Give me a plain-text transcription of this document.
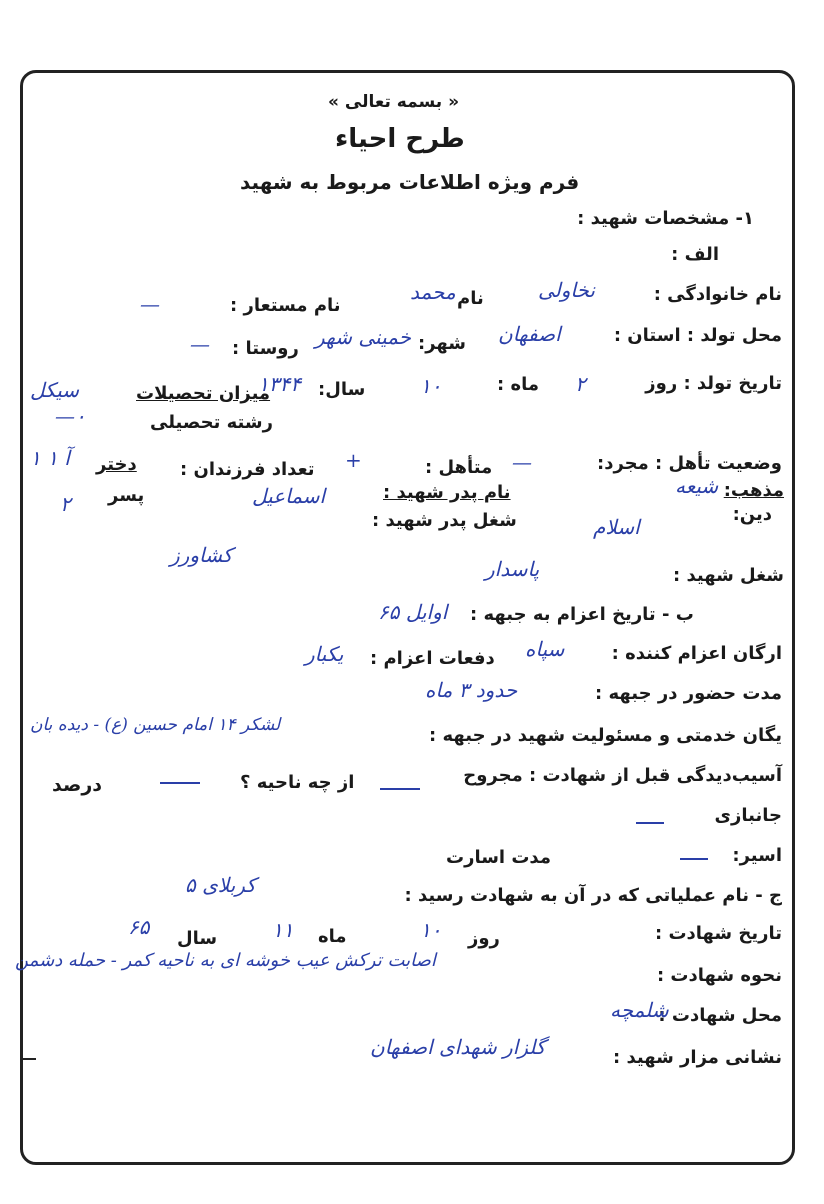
« بسمه تعالی »
طرح احیاء
فرم ویژه اطلاعات مربوط به شهید
۱- مشخصات شهید :
الف :
نام خانوادگی :
نخاولی
نام
محمد
نام مستعار :
—
محل تولد : استان :
اصفهان
شهر:
خمینی شهر
روستا :
—
تاریخ تولد : روز
۲
ماه :
۱۰
سال:
۱۳۴۴
میزان تحصیلات
سیکل
—۰	رشته تحصیلی
وضعیت تأهل : مجرد:
—
متأهل :
+
تعداد فرزندان :
دختر
آ ۱ ۱
پسر
۲
مذهب:
شیعه
دین:
اسلام
نام پدر شهید :
اسماعیل
شغل پدر شهید :
کشاورز
شغل شهید :
پاسدار
ب - تاریخ اعزام به جبهه :
اوایل ۶۵
ارگان اعزام کننده :
سپاه
دفعات اعزام :
یکبار
مدت حضور در جبهه :
حدود ۳ ماه
یگان خدمتی و مسئولیت شهید در جبهه :
لشکر ۱۴ امام حسین (ع) - دیده بان
آسیب‌دیدگی قبل از شهادت : مجروح
از چه ناحیه ؟
درصد
جانبازی
اسیر:
مدت اسارت
ج - نام عملیاتی که در آن به شهادت رسید :
کربلای ۵
تاریخ شهادت :
روز
۱۰
ماه
۱۱
سال
۶۵
نحوه شهادت :
اصابت ترکش عیب خوشه ای به ناحیه کمر - حمله دشمن
محل شهادت :
شلمچه
نشانی مزار شهید :
گلزار شهدای اصفهان
